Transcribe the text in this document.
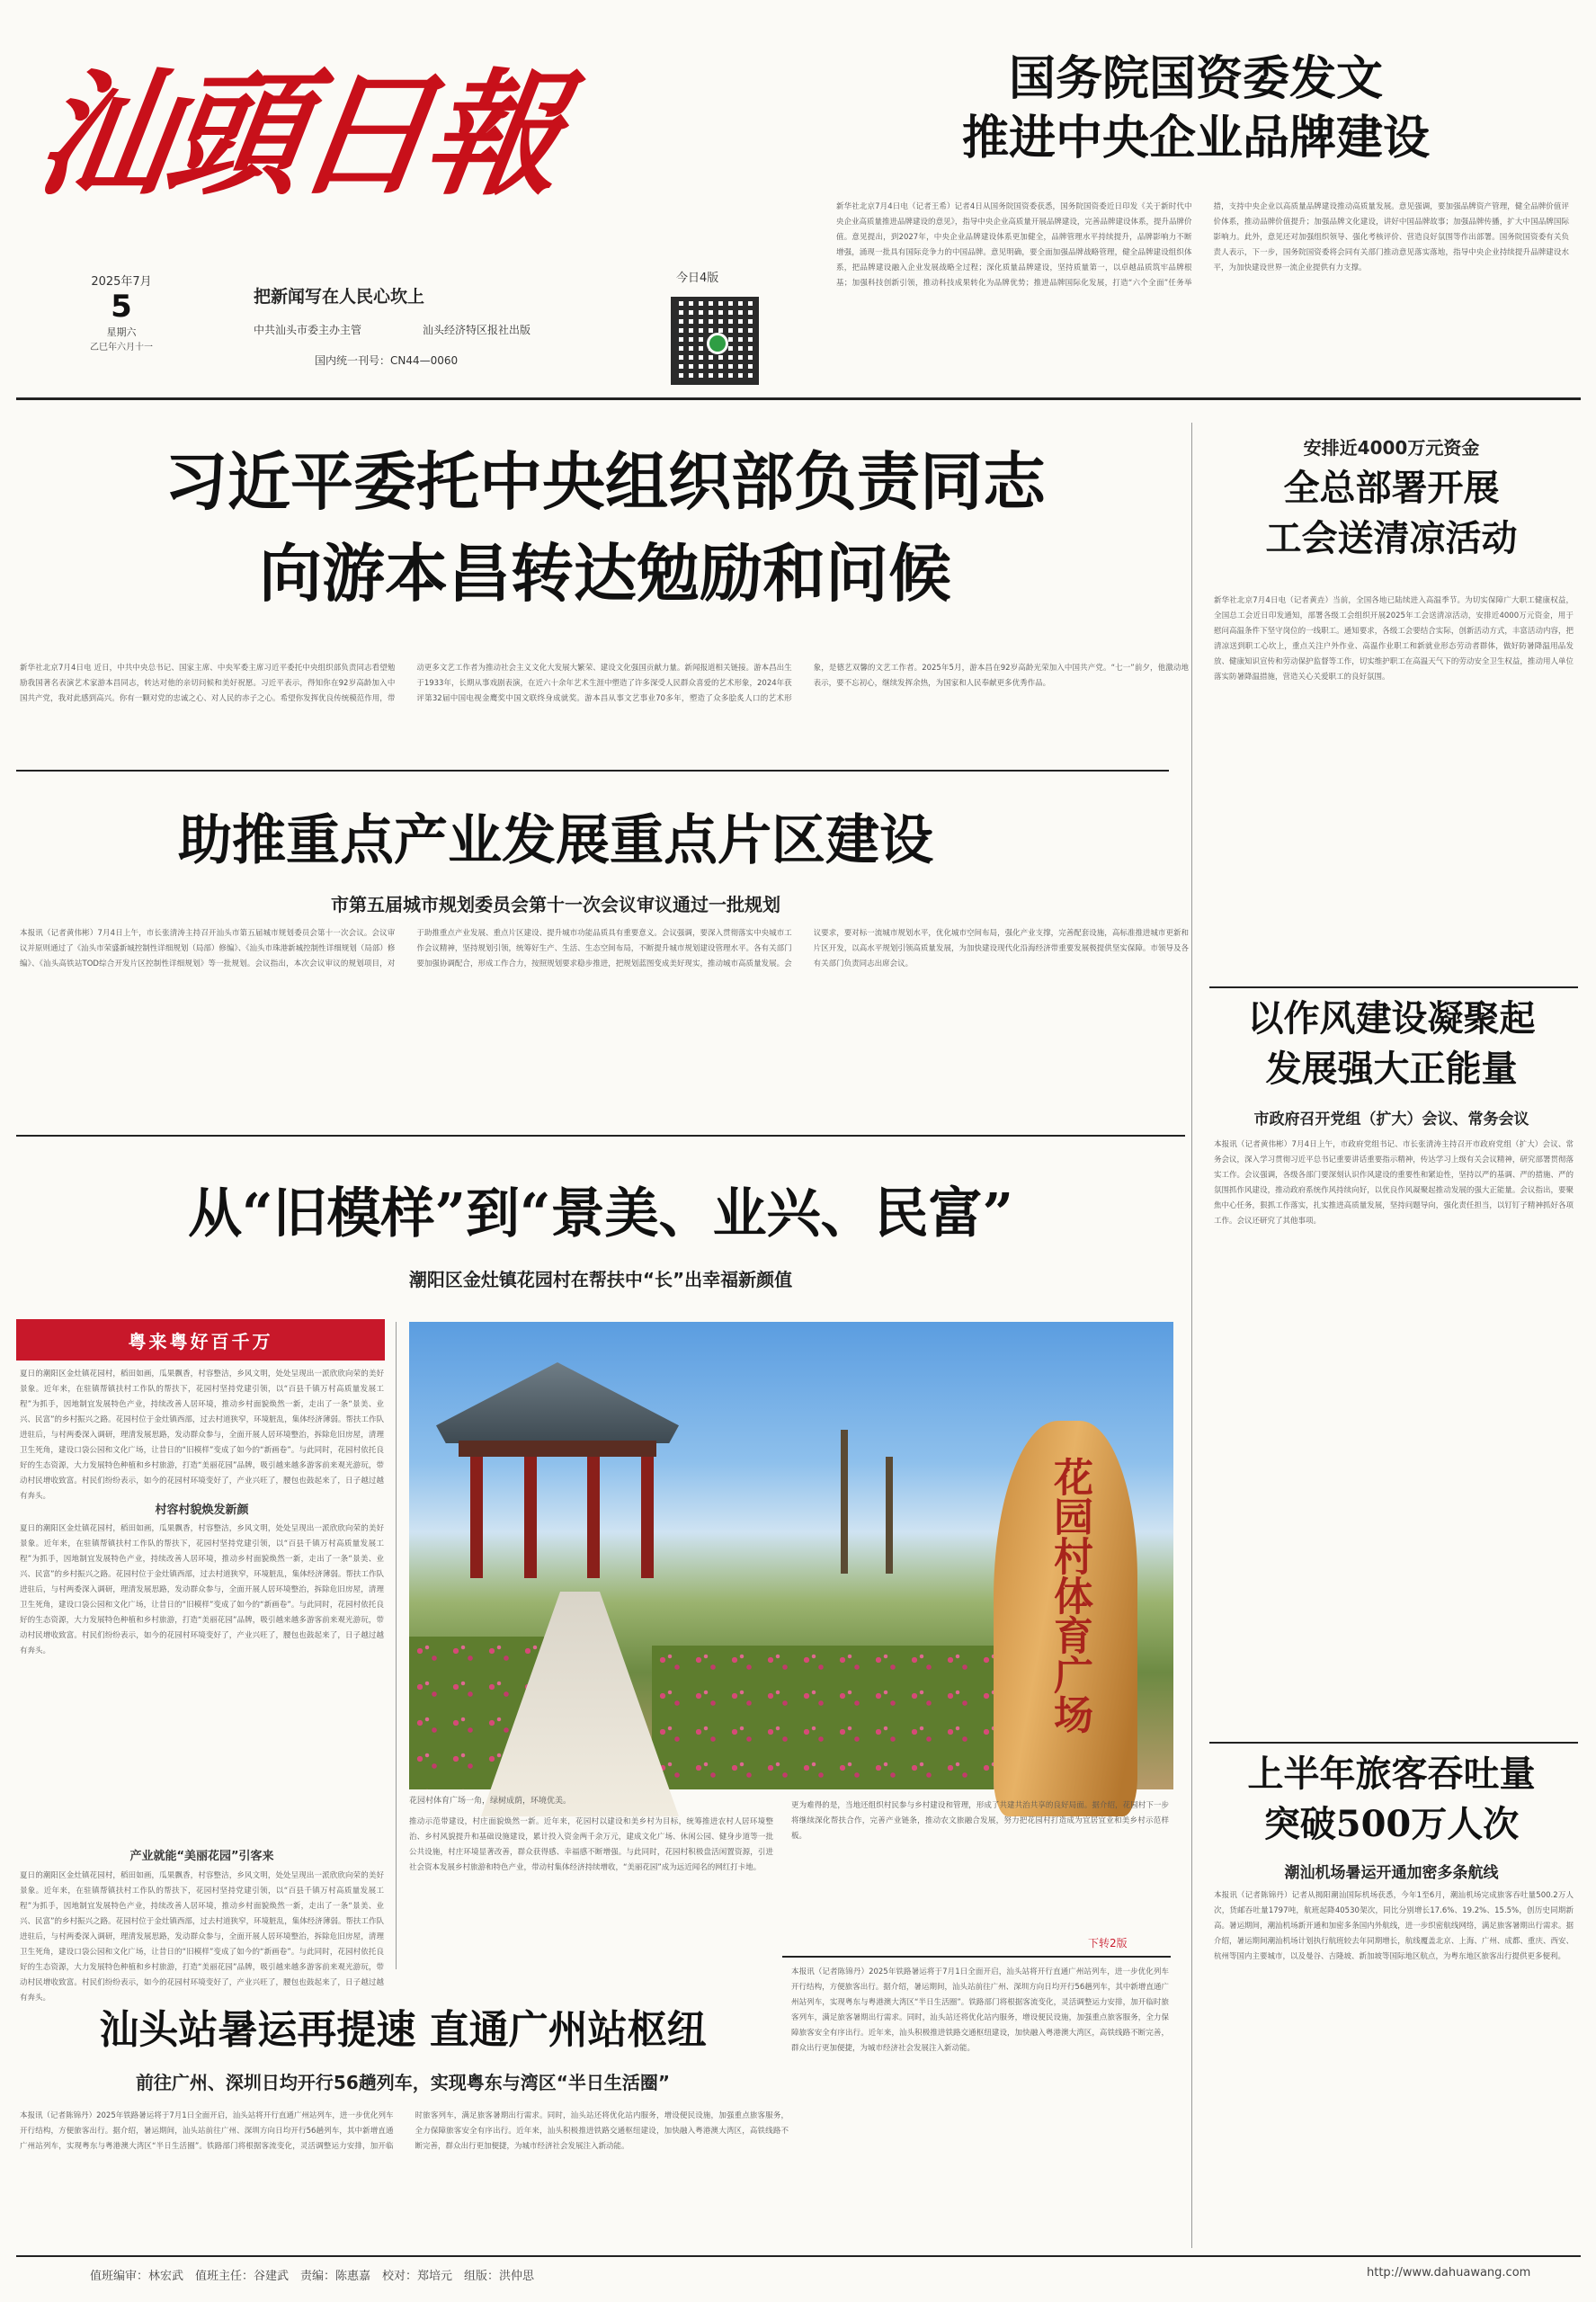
汕頭日報
2025年7月
5
星期六
乙巳年六月十一
把新闻写在人民心坎上
中共汕头市委主办主管	汕头经济特区报社出版
国内统一刊号：CN44—0060
今日4版
国务院国资委发文
推进中央企业品牌建设
新华社北京7月4日电（记者王希）记者4日从国务院国资委获悉，国务院国资委近日印发《关于新时代中央企业高质量推进品牌建设的意见》，指导中央企业高质量开展品牌建设，完善品牌建设体系，提升品牌价值。意见提出，到2027年，中央企业品牌建设体系更加健全，品牌管理水平持续提升，品牌影响力不断增强，涌现一批具有国际竞争力的中国品牌。意见明确，要全面加强品牌战略管理，健全品牌建设组织体系，把品牌建设融入企业发展战略全过程；深化质量品牌建设，坚持质量第一，以卓越品质筑牢品牌根基；加强科技创新引领，推动科技成果转化为品牌优势；推进品牌国际化发展，打造“六个全面”任务举措，支持中央企业以高质量品牌建设推动高质量发展。意见强调，要加强品牌资产管理，健全品牌价值评价体系，推动品牌价值提升；加强品牌文化建设，讲好中国品牌故事；加强品牌传播，扩大中国品牌国际影响力。此外，意见还对加强组织领导、强化考核评价、营造良好氛围等作出部署。国务院国资委有关负责人表示，下一步，国务院国资委将会同有关部门推动意见落实落地，指导中央企业持续提升品牌建设水平，为加快建设世界一流企业提供有力支撑。
习近平委托中央组织部负责同志
向游本昌转达勉励和问候
新华社北京7月4日电 近日，中共中央总书记、国家主席、中央军委主席习近平委托中央组织部负责同志看望勉励我国著名表演艺术家游本昌同志，转达对他的亲切问候和美好祝愿。习近平表示，得知你在92岁高龄加入中国共产党，我对此感到高兴。你有一颗对党的忠诚之心、对人民的赤子之心。希望你发挥优良传统模范作用，带动更多文艺工作者为推动社会主义文化大发展大繁荣、建设文化强国贡献力量。新闻报道相关链接。游本昌出生于1933年，长期从事戏剧表演，在近六十余年艺术生涯中塑造了许多深受人民群众喜爱的艺术形象，2024年获评第32届中国电视金鹰奖中国文联终身成就奖。游本昌从事文艺事业70多年，塑造了众多脍炙人口的艺术形象，是德艺双馨的文艺工作者。2025年5月，游本昌在92岁高龄光荣加入中国共产党。“七一”前夕，他激动地表示，要不忘初心，继续发挥余热，为国家和人民奉献更多优秀作品。
助推重点产业发展重点片区建设
市第五届城市规划委员会第十一次会议审议通过一批规划
本报讯（记者黄伟彬）7月4日上午，市长张清涛主持召开汕头市第五届城市规划委员会第十一次会议。会议审议并原则通过了《汕头市荣盛新城控制性详细规划（局部）修编》、《汕头市珠港新城控制性详细规划（局部）修编》、《汕头高铁站TOD综合开发片区控制性详细规划》等一批规划。会议指出，本次会议审议的规划项目，对于助推重点产业发展、重点片区建设、提升城市功能品质具有重要意义。会议强调，要深入贯彻落实中央城市工作会议精神，坚持规划引领，统筹好生产、生活、生态空间布局，不断提升城市规划建设管理水平。各有关部门要加强协调配合，形成工作合力，按照规划要求稳步推进，把规划蓝图变成美好现实，推动城市高质量发展。会议要求，要对标一流城市规划水平，优化城市空间布局，强化产业支撑，完善配套设施，高标准推进城市更新和片区开发，以高水平规划引领高质量发展，为加快建设现代化沿海经济带重要发展极提供坚实保障。市领导及各有关部门负责同志出席会议。
从“旧模样”到“景美、业兴、民富”
潮阳区金灶镇花园村在帮扶中“长”出幸福新颜值
粤来粤好百千万
夏日的潮阳区金灶镇花园村，稻田如画，瓜果飘香，村容整洁，乡风文明，处处呈现出一派欣欣向荣的美好景象。近年来，在驻镇帮镇扶村工作队的帮扶下，花园村坚持党建引领，以“百县千镇万村高质量发展工程”为抓手，因地制宜发展特色产业，持续改善人居环境，推动乡村面貌焕然一新，走出了一条“景美、业兴、民富”的乡村振兴之路。花园村位于金灶镇西部，过去村道狭窄，环境脏乱，集体经济薄弱。帮扶工作队进驻后，与村两委深入调研，理清发展思路，发动群众参与，全面开展人居环境整治，拆除危旧房屋，清理卫生死角，建设口袋公园和文化广场，让昔日的“旧模样”变成了如今的“新画卷”。与此同时，花园村依托良好的生态资源，大力发展特色种植和乡村旅游，打造“美丽花园”品牌，吸引越来越多游客前来观光游玩，带动村民增收致富。村民们纷纷表示，如今的花园村环境变好了，产业兴旺了，腰包也鼓起来了，日子越过越有奔头。
村容村貌焕发新颜
夏日的潮阳区金灶镇花园村，稻田如画，瓜果飘香，村容整洁，乡风文明，处处呈现出一派欣欣向荣的美好景象。近年来，在驻镇帮镇扶村工作队的帮扶下，花园村坚持党建引领，以“百县千镇万村高质量发展工程”为抓手，因地制宜发展特色产业，持续改善人居环境，推动乡村面貌焕然一新，走出了一条“景美、业兴、民富”的乡村振兴之路。花园村位于金灶镇西部，过去村道狭窄，环境脏乱，集体经济薄弱。帮扶工作队进驻后，与村两委深入调研，理清发展思路，发动群众参与，全面开展人居环境整治，拆除危旧房屋，清理卫生死角，建设口袋公园和文化广场，让昔日的“旧模样”变成了如今的“新画卷”。与此同时，花园村依托良好的生态资源，大力发展特色种植和乡村旅游，打造“美丽花园”品牌，吸引越来越多游客前来观光游玩，带动村民增收致富。村民们纷纷表示，如今的花园村环境变好了，产业兴旺了，腰包也鼓起来了，日子越过越有奔头。
产业就能“美丽花园”引客来
夏日的潮阳区金灶镇花园村，稻田如画，瓜果飘香，村容整洁，乡风文明，处处呈现出一派欣欣向荣的美好景象。近年来，在驻镇帮镇扶村工作队的帮扶下，花园村坚持党建引领，以“百县千镇万村高质量发展工程”为抓手，因地制宜发展特色产业，持续改善人居环境，推动乡村面貌焕然一新，走出了一条“景美、业兴、民富”的乡村振兴之路。花园村位于金灶镇西部，过去村道狭窄，环境脏乱，集体经济薄弱。帮扶工作队进驻后，与村两委深入调研，理清发展思路，发动群众参与，全面开展人居环境整治，拆除危旧房屋，清理卫生死角，建设口袋公园和文化广场，让昔日的“旧模样”变成了如今的“新画卷”。与此同时，花园村依托良好的生态资源，大力发展特色种植和乡村旅游，打造“美丽花园”品牌，吸引越来越多游客前来观光游玩，带动村民增收致富。村民们纷纷表示，如今的花园村环境变好了，产业兴旺了，腰包也鼓起来了，日子越过越有奔头。
花园村体育广场
花园村体育广场一角，绿树成荫，环境优美。
推动示范带建设，村庄面貌焕然一新。近年来，花园村以建设和美乡村为目标，统筹推进农村人居环境整治、乡村风貌提升和基础设施建设，累计投入资金两千余万元，建成文化广场、休闲公园、健身步道等一批公共设施，村庄环境显著改善，群众获得感、幸福感不断增强。与此同时，花园村积极盘活闲置资源，引进社会资本发展乡村旅游和特色产业，带动村集体经济持续增收，“美丽花园”成为远近闻名的网红打卡地。
更为难得的是，当地还组织村民参与乡村建设和管理，形成了共建共治共享的良好局面。据介绍，花园村下一步将继续深化帮扶合作，完善产业链条，推动农文旅融合发展，努力把花园村打造成为宜居宜业和美乡村示范样板。
下转2版
汕头站暑运再提速 直通广州站枢纽
前往广州、深圳日均开行56趟列车，实现粤东与湾区“半日生活圈”
本报讯（记者陈锦丹）2025年铁路暑运将于7月1日全面开启，汕头站将开行直通广州站列车，进一步优化列车开行结构，方便旅客出行。据介绍，暑运期间，汕头站前往广州、深圳方向日均开行56趟列车，其中新增直通广州站列车，实现粤东与粤港澳大湾区“半日生活圈”。铁路部门将根据客流变化，灵活调整运力安排，加开临时旅客列车，满足旅客暑期出行需求。同时，汕头站还将优化站内服务，增设便民设施，加强重点旅客服务，全力保障旅客安全有序出行。近年来，汕头积极推进铁路交通枢纽建设，加快融入粤港澳大湾区，高铁线路不断完善，群众出行更加便捷，为城市经济社会发展注入新动能。
本报讯（记者陈锦丹）2025年铁路暑运将于7月1日全面开启，汕头站将开行直通广州站列车，进一步优化列车开行结构，方便旅客出行。据介绍，暑运期间，汕头站前往广州、深圳方向日均开行56趟列车，其中新增直通广州站列车，实现粤东与粤港澳大湾区“半日生活圈”。铁路部门将根据客流变化，灵活调整运力安排，加开临时旅客列车，满足旅客暑期出行需求。同时，汕头站还将优化站内服务，增设便民设施，加强重点旅客服务，全力保障旅客安全有序出行。近年来，汕头积极推进铁路交通枢纽建设，加快融入粤港澳大湾区，高铁线路不断完善，群众出行更加便捷，为城市经济社会发展注入新动能。
安排近4000万元资金
全总部署开展
工会送清凉活动
新华社北京7月4日电（记者黄垚）当前，全国各地已陆续进入高温季节。为切实保障广大职工健康权益，全国总工会近日印发通知，部署各级工会组织开展2025年工会送清凉活动，安排近4000万元资金，用于慰问高温条件下坚守岗位的一线职工。通知要求，各级工会要结合实际，创新活动方式，丰富活动内容，把清凉送到职工心坎上，重点关注户外作业、高温作业职工和新就业形态劳动者群体，做好防暑降温用品发放、健康知识宣传和劳动保护监督等工作，切实维护职工在高温天气下的劳动安全卫生权益，推动用人单位落实防暑降温措施，营造关心关爱职工的良好氛围。
以作风建设凝聚起
发展强大正能量
市政府召开党组（扩大）会议、常务会议
本报讯（记者黄伟彬）7月4日上午，市政府党组书记、市长张清涛主持召开市政府党组（扩大）会议、常务会议，深入学习贯彻习近平总书记重要讲话重要指示精神，传达学习上级有关会议精神，研究部署贯彻落实工作。会议强调，各级各部门要深刻认识作风建设的重要性和紧迫性，坚持以严的基调、严的措施、严的氛围抓作风建设，推动政府系统作风持续向好，以优良作风凝聚起推动发展的强大正能量。会议指出，要聚焦中心任务，狠抓工作落实，扎实推进高质量发展，坚持问题导向，强化责任担当，以钉钉子精神抓好各项工作。会议还研究了其他事项。
上半年旅客吞吐量
突破500万人次
潮汕机场暑运开通加密多条航线
本报讯（记者陈锦丹）记者从揭阳潮汕国际机场获悉，今年1至6月，潮汕机场完成旅客吞吐量500.2万人次，货邮吞吐量1797吨，航班起降40530架次，同比分别增长17.6%、19.2%、15.5%，创历史同期新高。暑运期间，潮汕机场新开通和加密多条国内外航线，进一步织密航线网络，满足旅客暑期出行需求。据介绍，暑运期间潮汕机场计划执行航班较去年同期增长，航线覆盖北京、上海、广州、成都、重庆、西安、杭州等国内主要城市，以及曼谷、吉隆坡、新加坡等国际地区航点，为粤东地区旅客出行提供更多便利。
值班编审：林宏武　值班主任：谷建武　责编：陈惠嘉　校对：郑培元　组版：洪仲思	http://www.dahuawang.com
